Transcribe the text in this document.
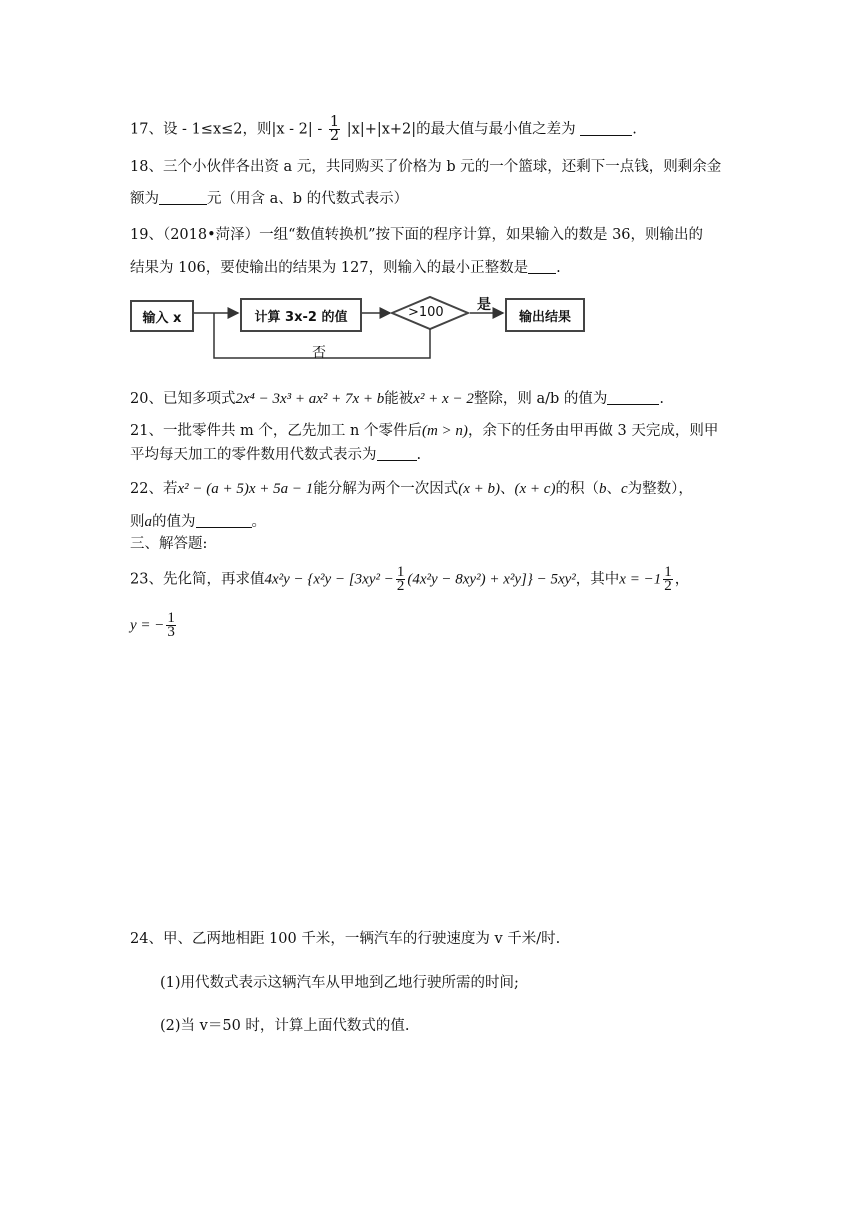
17、设 - 1≤x≤2，则$|x - 2| - \frac{1}{2} |x|+|x+2|$的最大值与最小值之差为	.
18、三个小伙伴各出资 a 元，共同购买了价格为 b 元的一个篮球，还剩下一点钱，则剩余金
额为	元（用含 a、b 的代数式表示）
19、（2018•菏泽）一组“数值转换机”按下面的程序计算，如果输入的数是 36，则输出的
结果为 106，要使输出的结果为 127，则输入的最小正整数是 .
输入 x	计算 3x-2 的值	输出结果
>100 是
否
20、已知多项式2x⁴ − 3x³ + ax² + 7x + b能被x² + x − 2整除，则 a/b 的值为	.
21、一批零件共 m 个，乙先加工 n 个零件后(m > n)，余下的任务由甲再做 3 天完成，则甲
平均每天加工的零件数用代数式表示为	.
22、若x² − (a + 5)x + 5a − 1能分解为两个一次因式(x + b)、(x + c)的积（b、c为整数），
则a的值为	。
三、解答题:
23、先化简，再求值$4x^2y - \{x^2y - [3xy^2 - \frac{1}{2} (4x^2y - 8xy^2) + x^2y]\} - 5xy^2$，其中$x = -1 \frac{1}{2}$ ，
y = − $\frac{1}{3}$
24、甲、乙两地相距 100 千米，一辆汽车的行驶速度为 v 千米/时.
(1)用代数式表示这辆汽车从甲地到乙地行驶所需的时间;
(2)当 v＝50 时，计算上面代数式的值.
